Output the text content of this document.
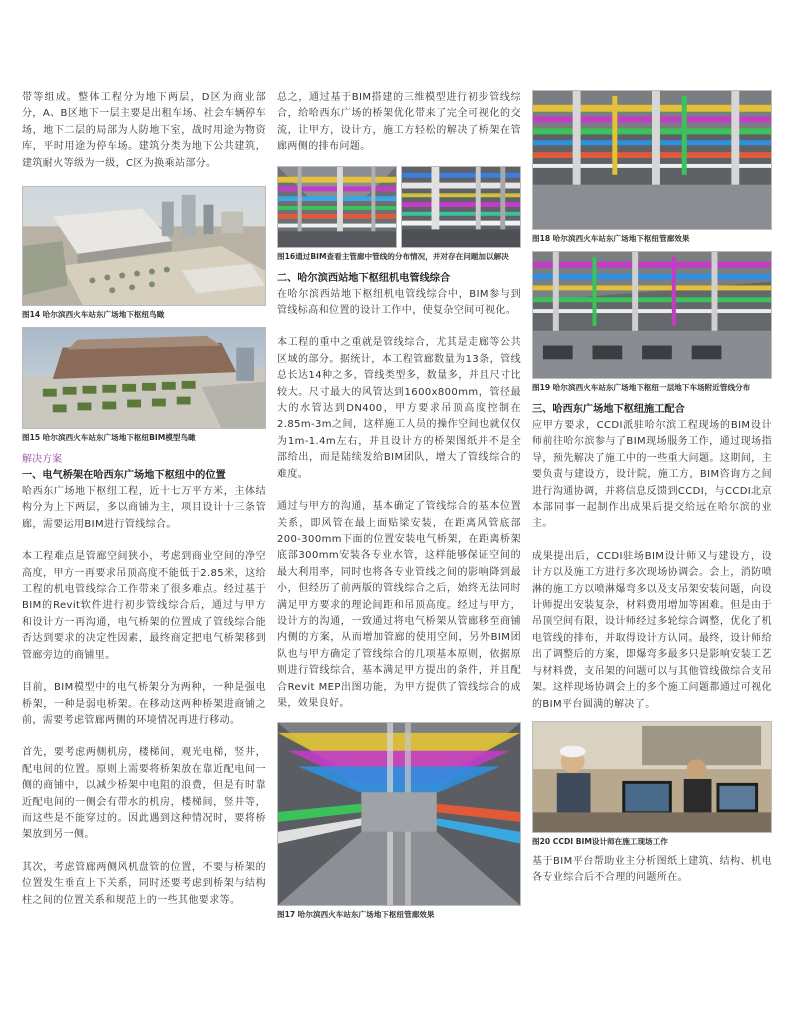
带等组成。整体工程分为地下两层，D区为商业部分，A、B区地下一层主要是出租车场、社会车辆停车场，地下二层的局部为人防地下室，战时用途为物资库，平时用途为停车场。建筑分类为地下公共建筑，建筑耐火等级为一级，C区为换乘站部分。

图14 哈尔滨西火车站东广场地下枢纽鸟瞰
图15 哈尔滨西火车站东广场地下枢纽BIM模型鸟瞰
解决方案
一、电气桥架在哈西东广场地下枢纽中的位置

哈西东广场地下枢纽工程，近十七万平方米，主体结构分为上下两层，多以商铺为主，项目设计十三条管廊，需要运用BIM进行管线综合。

本工程难点是管廊空间狭小，考虑到商业空间的净空高度，甲方一再要求吊顶高度不能低于2.85米，这给工程的机电管线综合工作带来了很多难点。经过基于BIM的Revit软件进行初步管线综合后，通过与甲方和设计方一再沟通，电气桥架的位置成了管线综合能否达到要求的决定性因素，最终商定把电气桥架移到管廊旁边的商铺里。

目前，BIM模型中的电气桥架分为两种，一种是强电桥架，一种是弱电桥架。在移动这两种桥架进商铺之前，需要考虑管廊两侧的环境情况再进行移动。

首先，要考虑两侧机房，楼梯间，观光电梯，竖井，配电间的位置。原则上需要将桥架放在靠近配电间一侧的商铺中，以减少桥架中电阻的浪费，但是有时靠近配电间的一侧会有带水的机房，楼梯间，竖井等，而这些是不能穿过的。因此遇到这种情况时，要将桥架放到另一侧。

其次，考虑管廊两侧风机盘管的位置，不要与桥架的位置发生垂直上下关系，同时还要考虑到桥架与结构柱之间的位置关系和规范上的一些其他要求等。

总之，通过基于BIM搭建的三维模型进行初步管线综合，给哈西东广场的桥架优化带来了完全可视化的交流，让甲方，设计方，施工方轻松的解决了桥架在管廊两侧的排布问题。

图16通过BIM查看主管廊中管线的分布情况，并对存在问题加以解决
二、哈尔滨西站地下枢纽机电管线综合

在哈尔滨西站地下枢纽机电管线综合中，BIM参与到管线标高和位置的设计工作中，使复杂空间可视化。

本工程的重中之重就是管线综合，尤其是走廊等公共区域的部分。据统计，本工程管廊数量为13条，管线总长达14种之多，管线类型多，数量多，并且尺寸比较大。尺寸最大的风管达到1600x800mm，管径最大的水管达到DN400，甲方要求吊顶高度控制在2.85m-3m之间，这样施工人员的操作空间也就仅仅为1m-1.4m左右，并且设计方的桥架图纸并不是全部给出，而是陆续发给BIM团队，增大了管线综合的难度。

通过与甲方的沟通，基本确定了管线综合的基本位置关系，即风管在最上面贴梁安装，在距离风管底部200-300mm下面的位置安装电气桥架，在距离桥架底部300mm安装各专业水管，这样能够保证空间的最大利用率，同时也将各专业管线之间的影响降到最小，但经历了前两版的管线综合之后，始终无法同时满足甲方要求的理论间距和吊顶高度。经过与甲方，设计方的沟通，一致通过将电气桥架从管廊移至商铺内侧的方案，从而增加管廊的使用空间，另外BIM团队也与甲方确定了管线综合的几项基本原则，依据原则进行管线综合，基本满足甲方提出的条件，并且配合Revit MEP出图功能，为甲方提供了管线综合的成果，效果良好。

图17 哈尔滨西火车站东广场地下枢纽管廊效果
图18 哈尔滨西火车站东广场地下枢纽管廊效果
图19 哈尔滨西火车站东广场地下枢纽一层地下车场附近管线分布
三、哈西东广场地下枢纽施工配合

应甲方要求，CCDI派驻哈尔滨工程现场的BIM设计师前往哈尔滨参与了BIM现场服务工作，通过现场指导，预先解决了施工中的一些重大问题。这期间，主要负责与建设方，设计院，施工方，BIM咨询方之间进行沟通协调，并将信息反馈到CCDI，与CCDI北京本部同事一起制作出成果后提交给远在哈尔滨的业主。

成果提出后，CCDI驻场BIM设计师又与建设方，设计方以及施工方进行多次现场协调会。会上，消防喷淋的施工方以喷淋爆弯多以及支吊架安装问题，向设计师提出安装复杂，材料费用增加等困难。但是由于吊顶空间有限，设计师经过多轮综合调整，优化了机电管线的排布，并取得设计方认同。最终，设计师给出了调整后的方案，即爆弯多最多只是影响安装工艺与材料费，支吊架的问题可以与其他管线做综合支吊架。这样现场协调会上的多个施工问题都通过可视化的BIM平台圆满的解决了。

图20 CCDI BIM设计师在施工现场工作

基于BIM平台帮助业主分析图纸上建筑、结构、机电各专业综合后不合理的问题所在。
